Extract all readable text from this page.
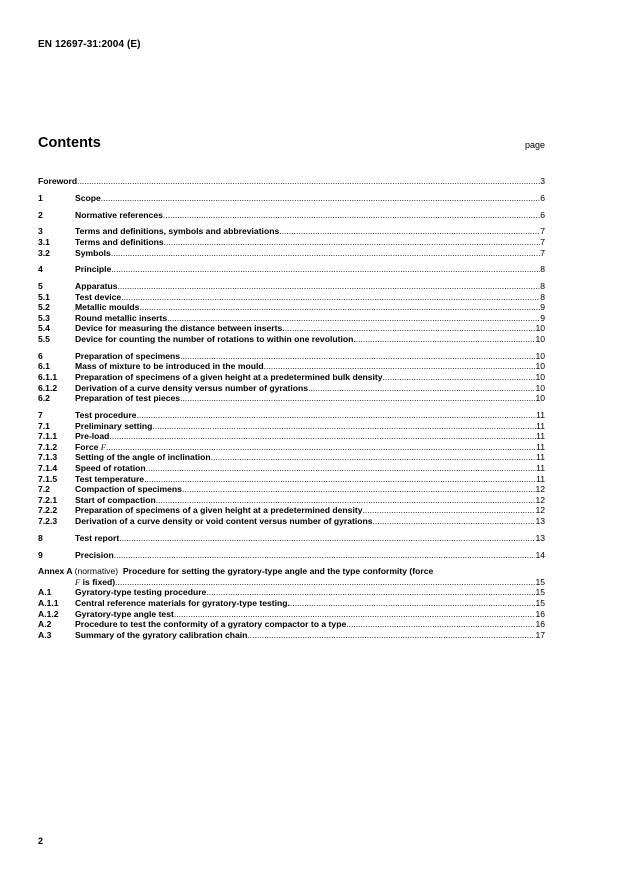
EN 12697-31:2004 (E)
Contents	page
Foreword .....	3
1	Scope .....	6
2	Normative references .....	6
3	Terms and definitions, symbols and abbreviations .....	7
3.1	Terms and definitions .....	7
3.2	Symbols .....	7
4	Principle .....	8
5	Apparatus .....	8
5.1	Test device .....	8
5.2	Metallic moulds .....	9
5.3	Round metallic inserts .....	9
5.4	Device for measuring the distance between inserts. .....	10
5.5	Device for counting the number of rotations to within one revolution. .....	10
6	Preparation of specimens .....	10
6.1	Mass of mixture to be introduced in the mould .....	10
6.1.1	Preparation of specimens of a given height at a predetermined bulk density .....	10
6.1.2	Derivation of a curve density versus number of gyrations .....	10
6.2	Preparation of test pieces .....	10
7	Test procedure .....	11
7.1	Preliminary setting .....	11
7.1.1	Pre-load .....	11
7.1.2	Force F .....	11
7.1.3	Setting of the angle of inclination .....	11
7.1.4	Speed of rotation .....	11
7.1.5	Test temperature .....	11
7.2	Compaction of specimens .....	12
7.2.1	Start of compaction .....	12
7.2.2	Preparation of specimens of a given height at a predetermined density .....	12
7.2.3	Derivation of a curve density or void content versus number of gyrations .....	13
8	Test report .....	13
9	Precision .....	14
Annex A (normative) Procedure for setting the gyratory-type angle and the type conformity (force
F is fixed) .....	15
A.1	Gyratory-type testing procedure .....	15
A.1.1	Central reference materials for gyratory-type testing. .....	15
A.1.2	Gyratory-type angle test .....	16
A.2	Procedure to test the conformity of a gyratory compactor to a type .....	16
A.3	Summary of the gyratory calibration chain .....	17
2
